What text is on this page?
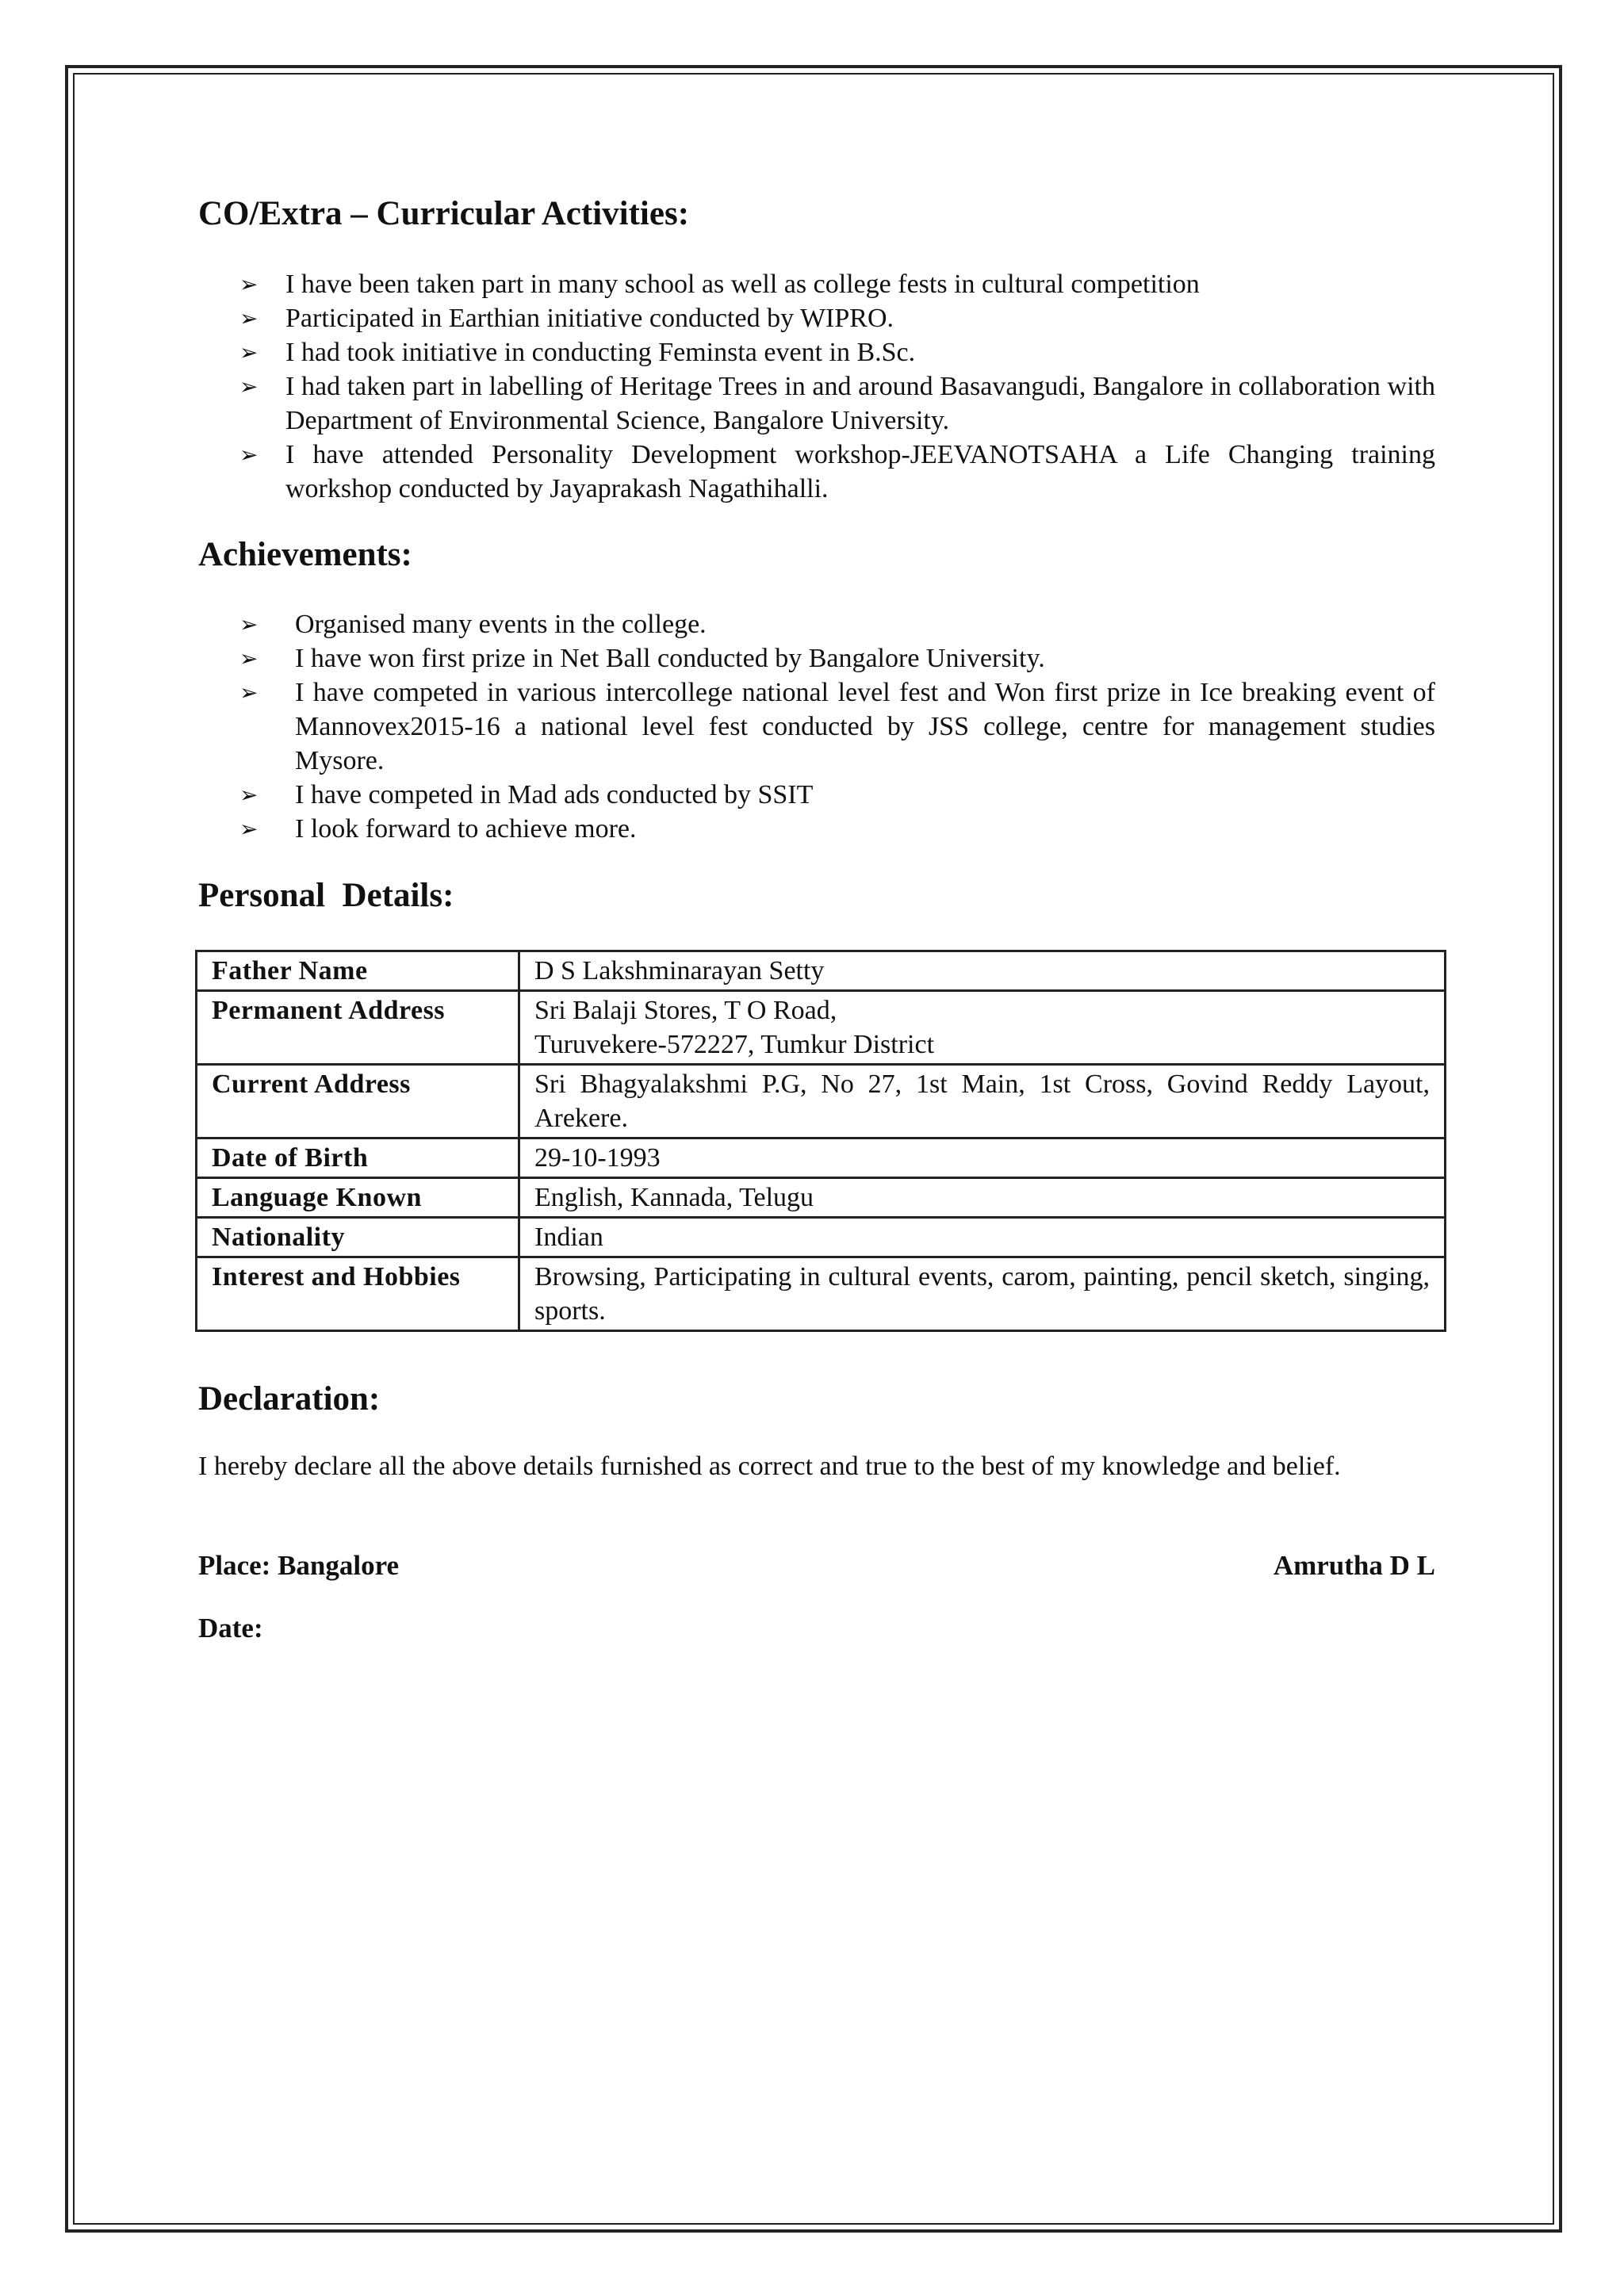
CO/Extra – Curricular Activities:
➢ I have been taken part in many school as well as college fests in cultural competition
➢ Participated in Earthian initiative conducted by WIPRO.
➢ I had took initiative in conducting Feminsta event in B.Sc.
➢ I had taken part in labelling of Heritage Trees in and around Basavangudi, Bangalore in collaboration with Department of Environmental Science, Bangalore University.
➢ I have attended Personality Development workshop-JEEVANOTSAHA a Life Changing training workshop conducted by Jayaprakash Nagathihalli.
Achievements:
➢ Organised many events in the college.
➢ I have won first prize in Net Ball conducted by Bangalore University.
➢ I have competed in various intercollege national level fest and Won first prize in Ice breaking event of Mannovex2015-16 a national level fest conducted by JSS college, centre for management studies Mysore.
➢ I have competed in Mad ads conducted by SSIT
➢ I look forward to achieve more.
Personal  Details:
Father Name	D S Lakshminarayan Setty
Permanent Address	Sri Balaji Stores, T O Road,
Turuvekere-572227, Tumkur District

Current Address	Sri Bhagyalakshmi P.G, No 27, 1st Main, 1st Cross, Govind Reddy Layout, Arekere.
Date of Birth	29-10-1993
Language Known	English, Kannada, Telugu
Nationality	Indian
Interest and Hobbies	Browsing, Participating in cultural events, carom, painting, pencil sketch, singing, sports.
Declaration:

I hereby declare all the above details furnished as correct and true to the best of my knowledge and belief.

Place: Bangalore	Amrutha D L
Date:
